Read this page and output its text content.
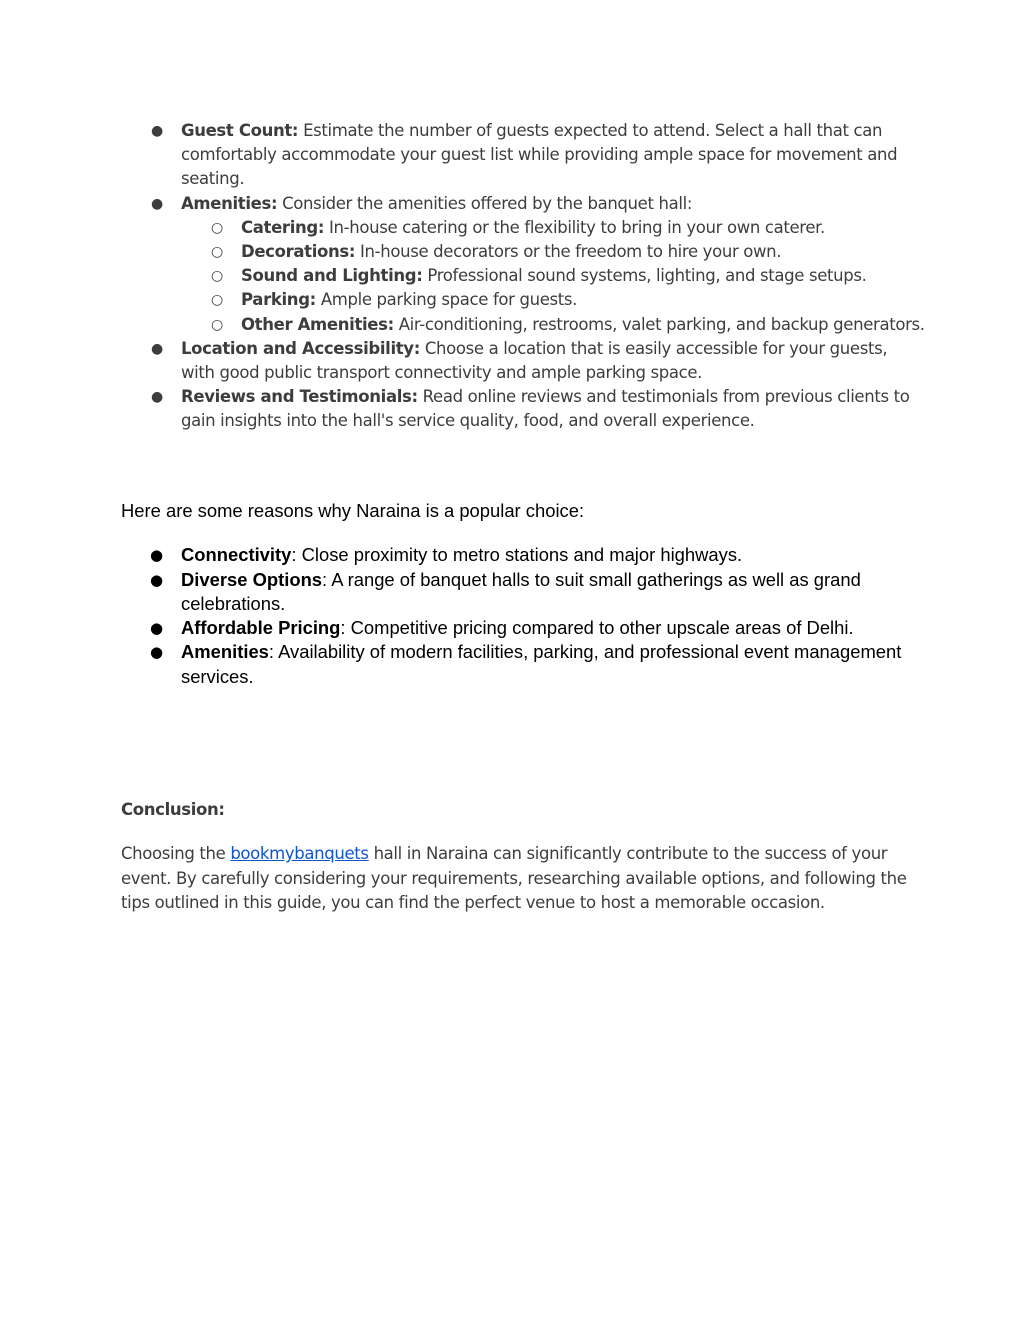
● Guest Count: Estimate the number of guests expected to attend. Select a hall that can comfortably accommodate your guest list while providing ample space for movement and seating.
● Amenities: Consider the amenities offered by the banquet hall:
○ Catering: In-house catering or the flexibility to bring in your own caterer.
○ Decorations: In-house decorators or the freedom to hire your own.
○ Sound and Lighting: Professional sound systems, lighting, and stage setups.
○ Parking: Ample parking space for guests.
○ Other Amenities: Air-conditioning, restrooms, valet parking, and backup generators.
● Location and Accessibility: Choose a location that is easily accessible for your guests, with good public transport connectivity and ample parking space.
● Reviews and Testimonials: Read online reviews and testimonials from previous clients to gain insights into the hall's service quality, food, and overall experience.
Here are some reasons why Naraina is a popular choice:
● Connectivity: Close proximity to metro stations and major highways.
● Diverse Options: A range of banquet halls to suit small gatherings as well as grand celebrations.
● Affordable Pricing: Competitive pricing compared to other upscale areas of Delhi.
● Amenities: Availability of modern facilities, parking, and professional event management services.
Conclusion:
Choosing the bookmybanquets hall in Naraina can significantly contribute to the success of your event. By carefully considering your requirements, researching available options, and following the tips outlined in this guide, you can find the perfect venue to host a memorable occasion.
